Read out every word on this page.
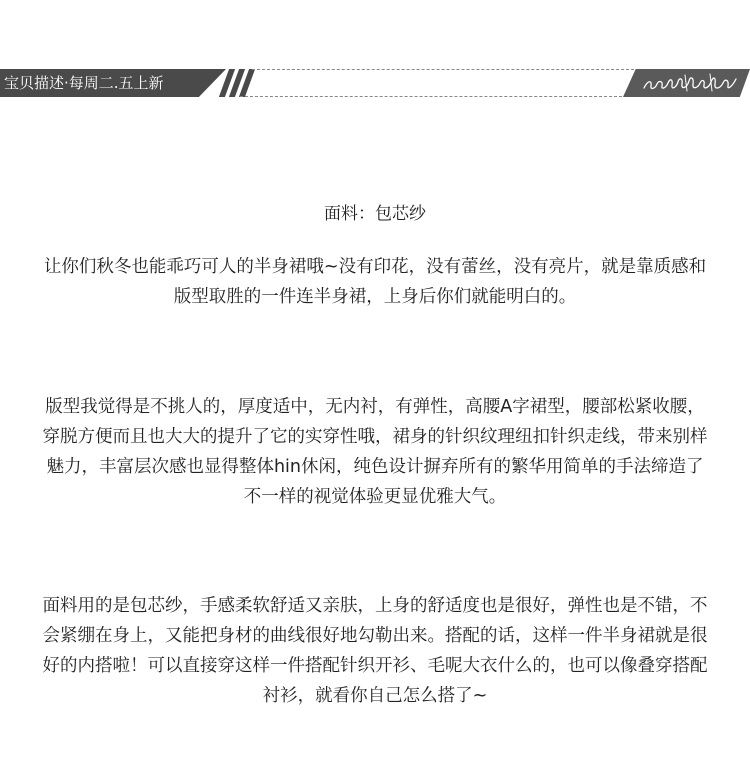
宝贝描述·每周二.五上新
面料：包芯纱
让你们秋冬也能乖巧可人的半身裙哦~没有印花，没有蕾丝，没有亮片，就是靠质感和版型取胜的一件连半身裙，上身后你们就能明白的。
版型我觉得是不挑人的，厚度适中，无内衬，有弹性，高腰A字裙型，腰部松紧收腰，穿脱方便而且也大大的提升了它的实穿性哦，裙身的针织纹理纽扣针织走线，带来别样魅力，丰富层次感也显得整体hin休闲，纯色设计摒弃所有的繁华用简单的手法缔造了不一样的视觉体验更显优雅大气。
面料用的是包芯纱，手感柔软舒适又亲肤，上身的舒适度也是很好，弹性也是不错，不会紧绷在身上，又能把身材的曲线很好地勾勒出来。搭配的话，这样一件半身裙就是很好的内搭啦！可以直接穿这样一件搭配针织开衫、毛呢大衣什么的，也可以像叠穿搭配衬衫，就看你自己怎么搭了~
